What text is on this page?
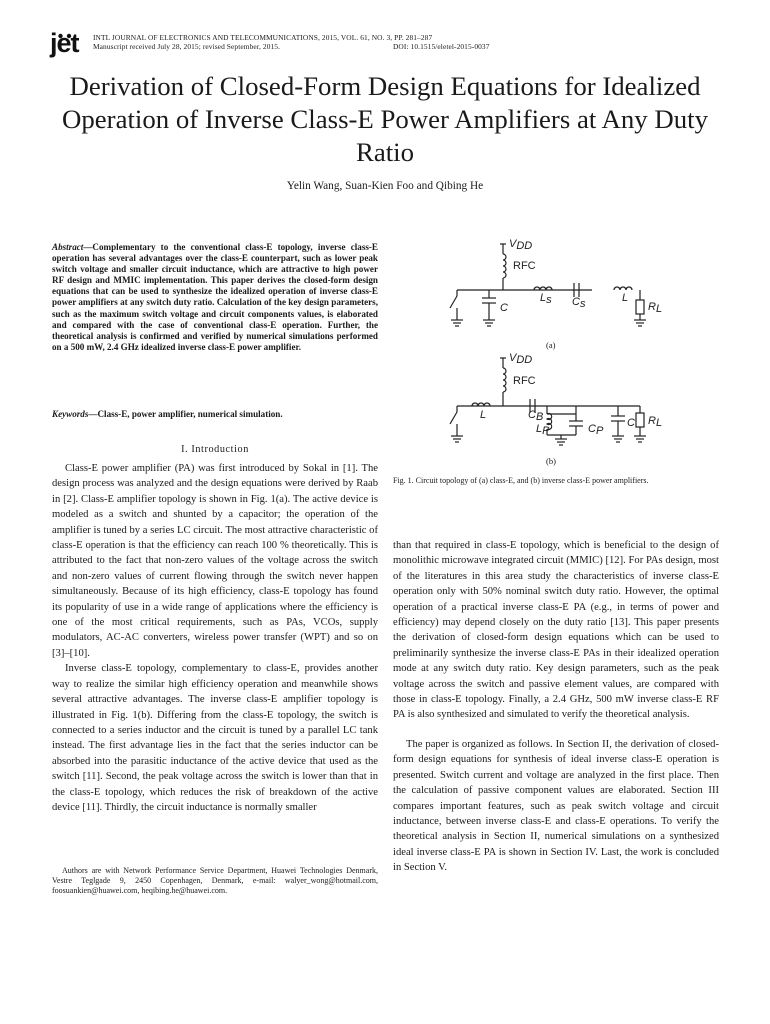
jet INTL JOURNAL OF ELECTRONICS AND TELECOMMUNICATIONS, 2015, VOL. 61, NO. 3, PP. 281–287
Manuscript received July 28, 2015; revised September, 2015.	DOI: 10.1515/eletel-2015-0037
Derivation of Closed-Form Design Equations for Idealized Operation of Inverse Class-E Power Amplifiers at Any Duty Ratio
Yelin Wang, Suan-Kien Foo and Qibing He
Abstract—Complementary to the conventional class-E topology, inverse class-E operation has several advantages over the class-E counterpart, such as lower peak switch voltage and smaller circuit inductance, which are attractive to high power RF design and MMIC implementation. This paper derives the closed-form design equations that can be used to synthesize the idealized operation of inverse class-E power amplifiers at any switch duty ratio. Calculation of the key design parameters, such as the maximum switch voltage and circuit components values, is elaborated and compared with the case of conventional class-E operation. Further, the theoretical analysis is confirmed and verified by numerical simulations performed on a 500 mW, 2.4 GHz idealized inverse class-E power amplifier.
Keywords—Class-E, power amplifier, numerical simulation.
I. Introduction

Class-E power amplifier (PA) was first introduced by Sokal in [1]. The design process was analyzed and the design equations were derived by Raab in [2]. Class-E amplifier topology is shown in Fig. 1(a). The active device is modeled as a switch and shunted by a capacitor; the operation of the amplifier is tuned by a series LC circuit. The most attractive characteristic of class-E operation is that the efficiency can reach 100 % theoretically. This is attributed to the fact that non-zero values of the voltage across the switch and non-zero values of current flowing through the switch never happen simultaneously. Because of its high efficiency, class-E topology has found its popularity of use in a wide range of applications where the efficiency is one of the most critical requirements, such as PAs, VCOs, supply modulators, AC-AC converters, wireless power transfer (WPT) and so on [3]–[10].

Inverse class-E topology, complementary to class-E, provides another way to realize the similar high efficiency operation and meanwhile shows several attractive advantages. The inverse class-E amplifier topology is illustrated in Fig. 1(b). Differing from the class-E topology, the switch is connected to a series inductor and the circuit is tuned by a parallel LC tank instead. The first advantage lies in the fact that the series inductor can be absorbed into the parasitic inductance of the active device that used as the switch [11]. Second, the peak voltage across the switch is lower than that in the class-E topology, which reduces the risk of breakdown of the active device [11]. Thirdly, the circuit inductance is normally smaller

Authors are with Network Performance Service Department, Huawei Technologies Denmark, Vestre Teglgade 9, 2450 Copenhagen, Denmark, e-mail: walyer_wong@hotmail.com, foosuankien@huawei.com, heqibing.he@huawei.com.

VDD
RFC
C
Ls Cs	L
RL
VDD
RFC
L	CB
LP	CP
C RL
(a)
(b)
Fig. 1. Circuit topology of (a) class-E, and (b) inverse class-E power amplifiers.

than that required in class-E topology, which is beneficial to the design of monolithic microwave integrated circuit (MMIC) [12]. For PAs design, most of the literatures in this area study the characteristics of inverse class-E operation only with 50% nominal switch duty ratio. However, the optimal operation of a practical inverse class-E PA (e.g., in terms of power and efficiency) may depend closely on the duty ratio [13]. This paper presents the derivation of closed-form design equations which can be used to preliminarily synthesize the inverse class-E PAs in their idealized operation mode at any switch duty ratio. Key design parameters, such as the peak voltage across the switch and passive element values, are compared with those in class-E topology. Finally, a 2.4 GHz, 500 mW inverse class-E RF PA is also synthesized and simulated to verify the theoretical analysis.

The paper is organized as follows. In Section II, the derivation of closed-form design equations for synthesis of ideal inverse class-E operation is presented. Switch current and voltage are analyzed in the first place. Then the calculation of passive component values are elaborated. Section III compares important features, such as peak switch voltage and circuit inductance, between inverse class-E and class-E operations. To verify the theoretical analysis in Section II, numerical simulations on a synthesized ideal inverse class-E PA is shown in Section IV. Last, the work is concluded in Section V.
